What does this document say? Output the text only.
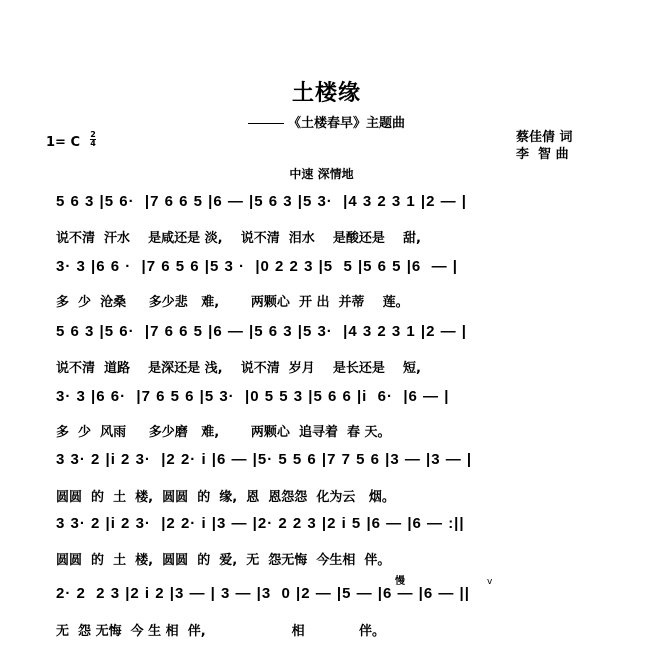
土楼缘
《土楼春早》主题曲
1= C
2
4	蔡佳倩 词
李  智 曲
中速 深情地
5 6 3 |5 6·  |7 6 6 5 |6 — |5 6 3 |5 3·  |4 3 2 3 1 |2 — |
说不清  汗水    是咸还是 淡,    说不清  泪水    是酸还是    甜,
3· 3 |6 6 ·  |7 6 5 6 |5 3 ·  |0 2 2 3 |5  5 |5 6 5 |6  — |
多  少  沧桑     多少悲   难,       两颗心  开 出  并蒂    莲。
5 6 3 |5 6·  |7 6 6 5 |6 — |5 6 3 |5 3·  |4 3 2 3 1 |2 — |
说不清  道路    是深还是 浅,    说不清  岁月    是长还是    短,
3· 3 |6 6·  |7 6 5 6 |5 3·  |0 5 5 3 |5 6 6 |i  6·  |6 — |
多  少  风雨     多少磨   难,       两颗心  追寻着  春 天。
3 3· 2 |i 2 3·  |2 2· i |6 — |5· 5 5 6 |7 7 5 6 |3 — |3 — |
圆圆  的  土  楼,  圆圆  的  缘,  恩  恩怨怨  化为云   烟。
3 3· 2 |i 2 3·  |2 2· i |3 — |2· 2 2 3 |2 i 5 |6 — |6 — :||
圆圆  的  土  楼,  圆圆  的  爱,  无  怨无悔  今生相  伴。
慢	v
2· 2  2 3 |2 i 2 |3 — | 3 — |3  0 |2 — |5 — |6 — |6 — ||
无  怨 无悔  今 生 相  伴,                   相            伴。
